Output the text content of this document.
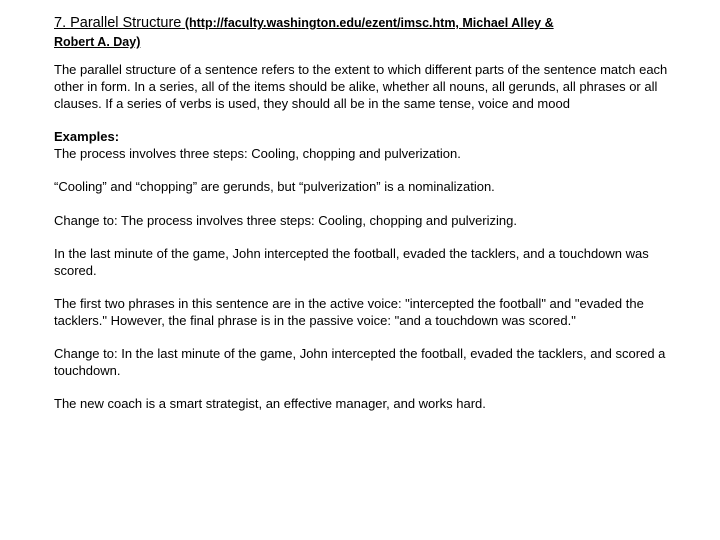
7. Parallel Structure (http://faculty.washington.edu/ezent/imsc.htm, Michael Alley &

Robert A. Day)

The parallel structure of a sentence refers to the extent to which different parts of the sentence match each other in form. In a series, all of the items should be alike, whether all nouns, all gerunds, all phrases or all clauses. If a series of verbs is used, they should all be in the same tense, voice and mood

Examples:

The process involves three steps: Cooling, chopping and pulverization.

“Cooling” and “chopping” are gerunds, but “pulverization” is a nominalization.

Change to: The process involves three steps: Cooling, chopping and pulverizing.

In the last minute of the game, John intercepted the football, evaded the tacklers, and a touchdown was scored.

The first two phrases in this sentence are in the active voice: "intercepted the football" and "evaded the tacklers." However, the final phrase is in the passive voice: "and a touchdown was scored."

Change to: In the last minute of the game, John intercepted the football, evaded the tacklers, and scored a touchdown.

The new coach is a smart strategist, an effective manager, and works hard.
